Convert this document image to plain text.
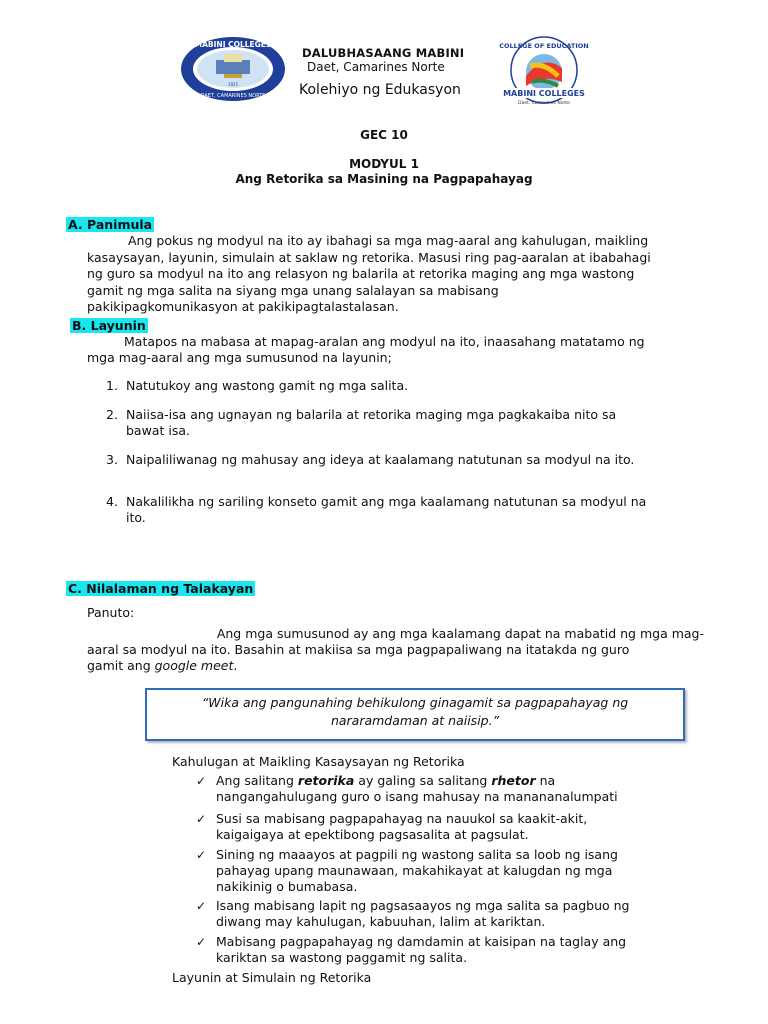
MABINI COLLEGES
DAET, CAMARINES NORTE
1925
DALUBHASAANG MABINI
Daet, Camarines Norte
Kolehiyo ng Edukasyon
COLLEGE OF EDUCATION
MABINI COLLEGES
Daet, Camarines Norte
GEC 10
MODYUL 1
Ang Retorika sa Masining na Pagpapahayag
A. Panimula
Ang pokus ng modyul na ito ay ibahagi sa mga mag-aaral ang kahulugan, maikling
kasaysayan, layunin, simulain at saklaw ng retorika. Masusi ring pag-aaralan at ibabahagi
ng guro sa modyul na ito ang relasyon ng balarila at retorika maging ang mga wastong
gamit ng mga salita na siyang mga unang salalayan sa mabisang
pakikipagkomunikasyon at pakikipagtalastalasan.
B. Layunin
Matapos na mabasa at mapag-aralan ang modyul na ito, inaasahang matatamo ng
mga mag-aaral ang mga sumusunod na layunin;
1. Natutukoy ang wastong gamit ng mga salita.
2. Naiisa-isa ang ugnayan ng balarila at retorika maging mga pagkakaiba nito sa
bawat isa.
3. Naipaliliwanag ng mahusay ang ideya at kaalamang natutunan sa modyul na ito.
4. Nakalilikha ng sariling konseto gamit ang mga kaalamang natutunan sa modyul na
ito.
C. Nilalaman ng Talakayan
Panuto:
Ang mga sumusunod ay ang mga kaalamang dapat na mabatid ng mga mag-
aaral sa modyul na ito. Basahin at makiisa sa mga pagpapaliwang na itatakda ng guro
gamit ang google meet.
“Wika ang pangunahing behikulong ginagamit sa pagpapahayag ng
nararamdaman at naiisip.”
Kahulugan at Maikling Kasaysayan ng Retorika
✓ Ang salitang retorika ay galing sa salitang rhetor na
nangangahulugang guro o isang mahusay na manananalumpati
✓ Susi sa mabisang pagpapahayag na nauukol sa kaakit-akit,
kaigaigaya at epektibong pagsasalita at pagsulat.
✓ Sining ng maaayos at pagpili ng wastong salita sa loob ng isang
pahayag upang maunawaan, makahikayat at kalugdan ng mga
nakikinig o bumabasa.
✓ Isang mabisang lapit ng pagsasaayos ng mga salita sa pagbuo ng
diwang may kahulugan, kabuuhan, lalim at kariktan.
✓ Mabisang pagpapahayag ng damdamin at kaisipan na taglay ang
kariktan sa wastong paggamit ng salita.
Layunin at Simulain ng Retorika
